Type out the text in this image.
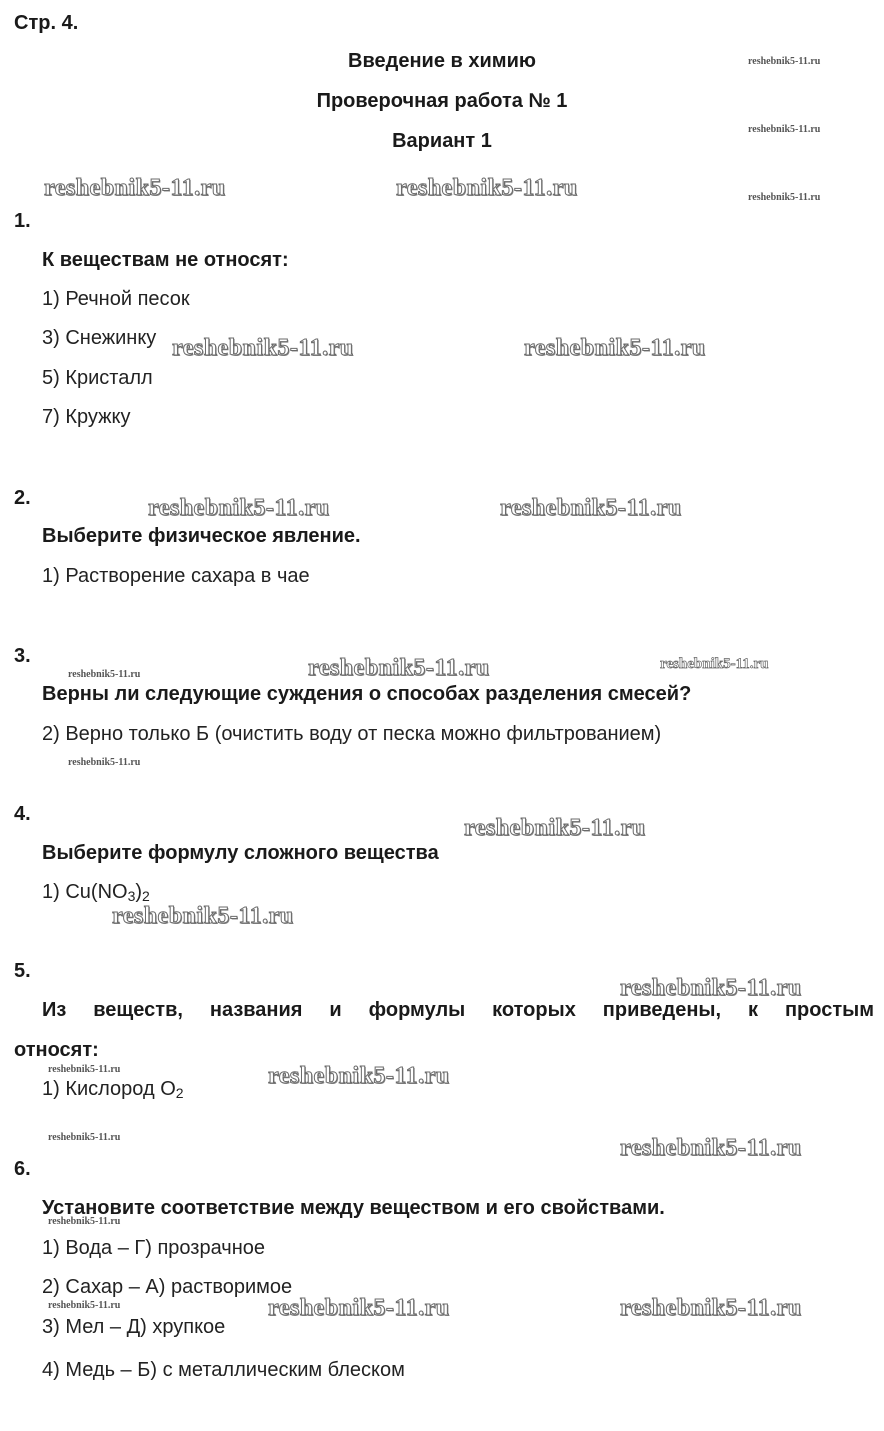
Стр. 4.
Введение в химию
Проверочная работа № 1
Вариант 1
1.
К веществам не относят:
1) Речной песок
3) Снежинку
5) Кристалл
7) Кружку
2.
Выберите физическое явление.
1) Растворение сахара в чае
3.
Верны ли следующие суждения о способах разделения смесей?
2) Верно только Б (очистить воду от песка можно фильтрованием)
4.
Выберите формулу сложного вещества
1) $Cu(NO_3)_2$
5.
Из веществ, названия и формулы которых приведены, к простым
относят:
1) Кислород $O_2$
6.
Установите соответствие между веществом и его свойствами.
1) Вода – Г) прозрачное
2) Сахар – А) растворимое
3) Мел – Д) хрупкое
4) Медь – Б) с металлическим блеском
reshebnik5-11.ru
reshebnik5-11.ru
reshebnik5-11.ru
reshebnik5-11.ru	reshebnik5-11.ru
reshebnik5-11.ru	reshebnik5-11.ru
reshebnik5-11.ru	reshebnik5-11.ru
reshebnik5-11.ru	reshebnik5-11.ru	reshebnik5-11.ru
reshebnik5-11.ru
reshebnik5-11.ru
reshebnik5-11.ru
reshebnik5-11.ru
reshebnik5-11.ru	reshebnik5-11.ru
reshebnik5-11.ru	reshebnik5-11.ru
reshebnik5-11.ru
reshebnik5-11.ru	reshebnik5-11.ru	reshebnik5-11.ru
